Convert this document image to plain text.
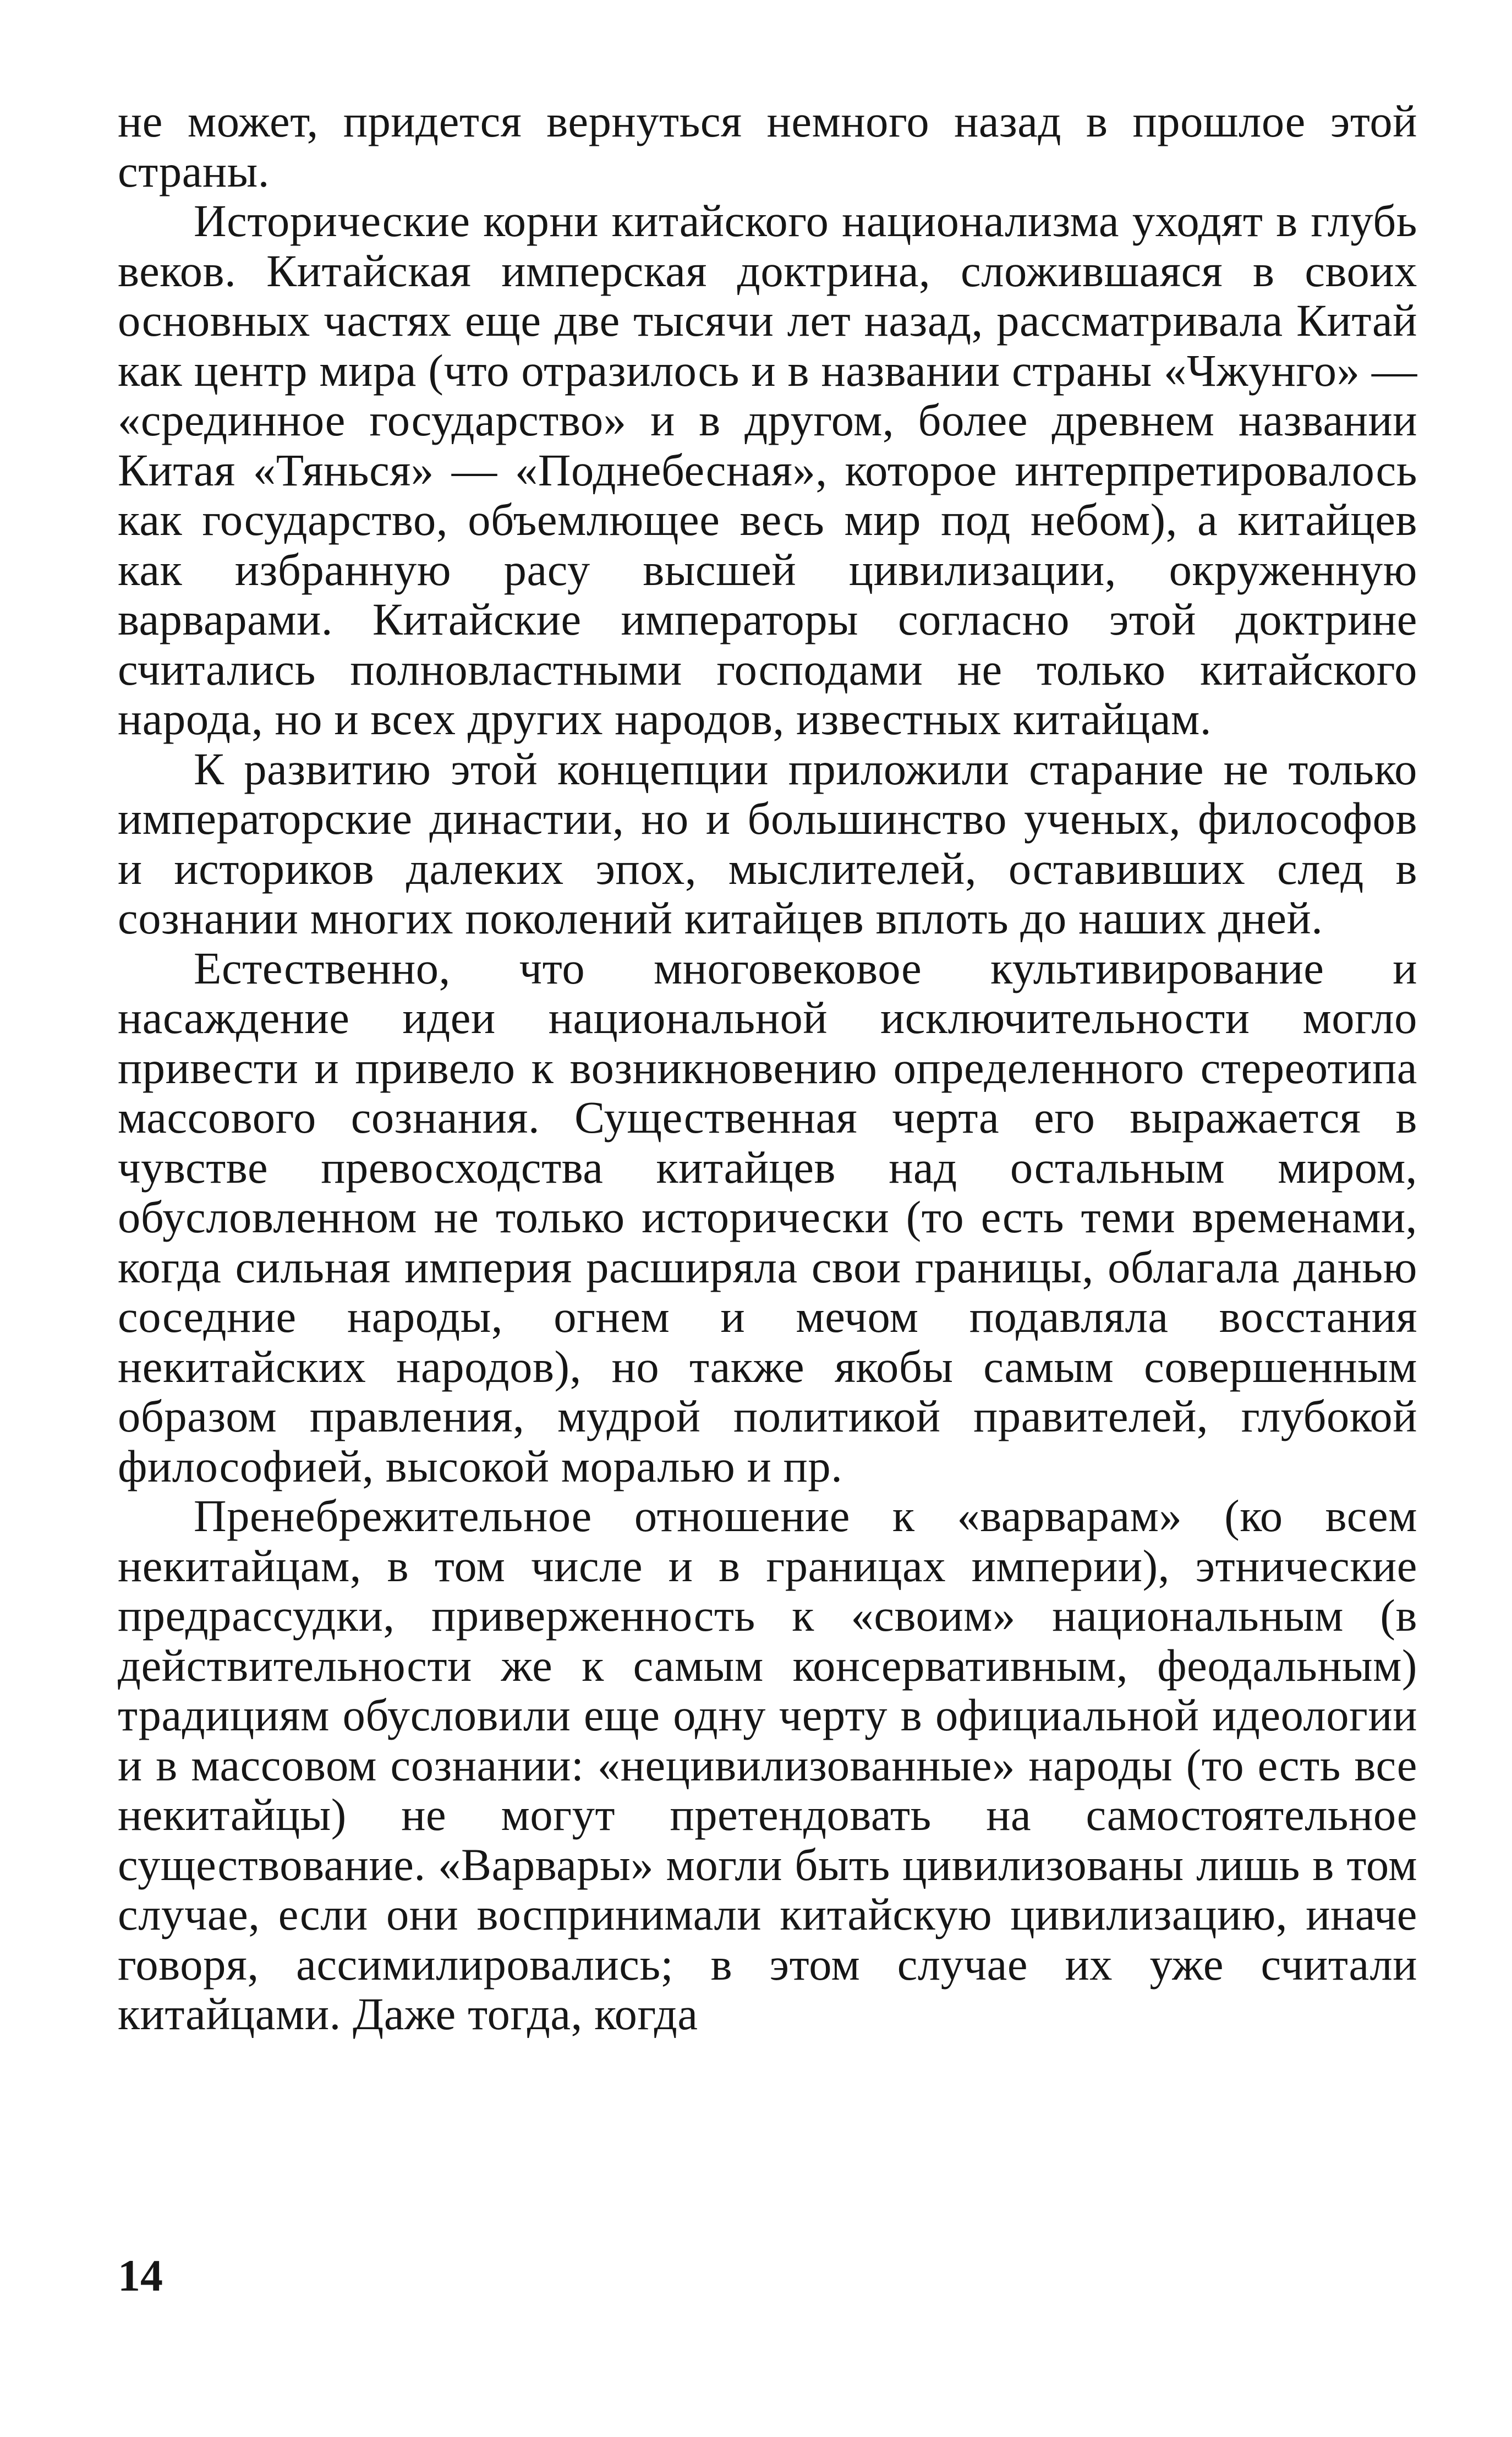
не может, придется вернуться немного назад в прошлое этой страны.

Исторические корни китайского национализма уходят в глубь веков. Китайская имперская доктрина, сложившаяся в своих основных частях еще две тысячи лет назад, рассматривала Китай как центр мира (что отразилось и в названии страны «Чжунго» — «срединное государство» и в другом, более древнем названии Китая «Тянься» — «Поднебесная», которое интерпретировалось как государство, объемлющее весь мир под небом), а китайцев как избранную расу высшей цивилизации, окруженную варварами. Китайские императоры согласно этой доктрине считались полновластными господами не только китайского народа, но и всех других народов, известных китайцам.

К развитию этой концепции приложили старание не только императорские династии, но и большинство ученых, философов и историков далеких эпох, мыслителей, оставивших след в сознании многих поколений китайцев вплоть до наших дней.

Естественно, что многовековое культивирование и насаждение идеи национальной исключительности могло привести и привело к возникновению определенного стереотипа массового сознания. Существенная черта его выражается в чувстве превосходства китайцев над остальным миром, обусловленном не только исторически (то есть теми временами, когда сильная империя расширяла свои границы, облагала данью соседние народы, огнем и мечом подавляла восстания некитайских народов), но также якобы самым совершенным образом правления, мудрой политикой правителей, глубокой философией, высокой моралью и пр.

Пренебрежительное отношение к «варварам» (ко всем некитайцам, в том числе и в границах империи), этнические предрассудки, приверженность к «своим» национальным (в действительности же к самым консервативным, феодальным) традициям обусловили еще одну черту в официальной идеологии и в массовом сознании: «нецивилизованные» народы (то есть все некитайцы) не могут претендовать на самостоятельное существование. «Варвары» могли быть цивилизованы лишь в том случае, если они воспринимали китайскую цивилизацию, иначе говоря, ассимилировались; в этом случае их уже считали китайцами. Даже тогда, когда

14
